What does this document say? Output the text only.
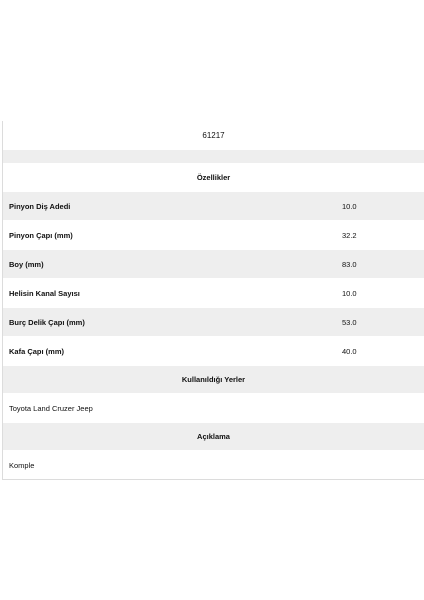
61217
Özellikler
Pinyon Diş Adedi	10.0
Pinyon Çapı (mm)	32.2
Boy (mm)	83.0
Helisin Kanal Sayısı	10.0
Burç Delik Çapı (mm)	53.0
Kafa Çapı (mm)	40.0
Kullanıldığı Yerler
Toyota Land Cruzer Jeep
Açıklama
Komple
